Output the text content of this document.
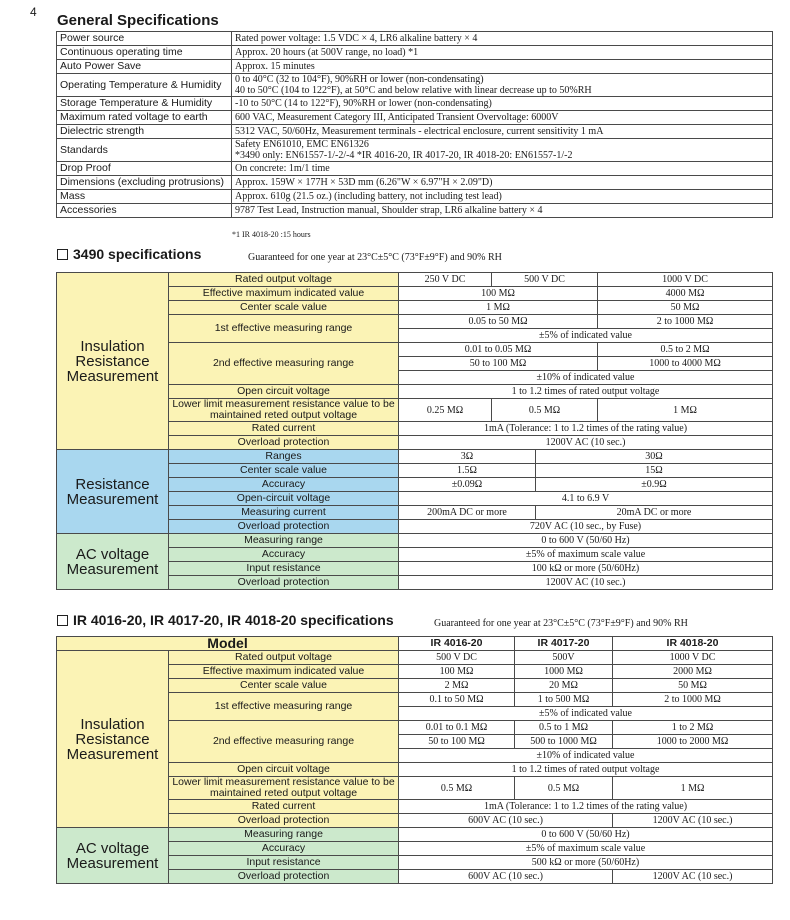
4 General Specifications
Power source	Rated power voltage: 1.5 VDC × 4, LR6 alkaline battery × 4
Continuous operating time	Approx. 20 hours (at 500V range, no load) *1
Auto Power Save	Approx. 15 minutes
Operating Temperature & Humidity	0 to 40°C (32 to 104°F), 90%RH or lower (non-condensating)
40 to 50°C (104 to 122°F), at 50°C and below relative with linear decrease up to 50%RH

Storage Temperature & Humidity	-10 to 50°C (14 to 122°F), 90%RH or lower (non-condensating)
Maximum rated voltage to earth	600 VAC, Measurement Category III, Anticipated Transient Overvoltage: 6000V
Dielectric strength	5312 VAC, 50/60Hz, Measurement terminals - electrical enclosure, current sensitivity 1 mA
Standards	Safety EN61010, EMC EN61326
*3490 only: EN61557-1/-2/-4 *IR 4016-20, IR 4017-20, IR 4018-20: EN61557-1/-2

Drop Proof	On concrete: 1m/1 time
Dimensions (excluding protrusions)	Approx. 159W × 177H × 53D mm (6.26"W × 6.97"H × 2.09"D)
Mass	Approx. 610g (21.5 oz.) (including battery, not including test lead)
Accessories	9787 Test Lead, Instruction manual, Shoulder strap, LR6 alkaline battery × 4
*1 IR 4018-20 :15 hours
3490 specifications	Guaranteed for one year at 23°C±5°C (73°F±9°F) and 90% RH
Insulation Resistance Measurement	Rated output voltage	250 V DC	500 V DC		1000 V DC
	Effective maximum indicated value	100 MΩ			4000 MΩ
	Center scale value	1 MΩ			50 MΩ
	1st effective measuring range	0.05 to 50 MΩ			2 to 1000 MΩ
		±5% of indicated value			
	2nd effective measuring range	0.01 to 0.05 MΩ			0.5 to 2 MΩ
		50 to 100 MΩ			1000 to 4000 MΩ
		±10% of indicated value			
	Open circuit voltage	1 to 1.2 times of rated output voltage			
	Lower limit measurement resistance value to be maintained reted output voltage	0.25 MΩ	0.5 MΩ		1 MΩ

	Rated current	1mA (Tolerance: 1 to 1.2 times of the rating value)			
	Overload protection	1200V AC (10 sec.)			
Resistance Measurement	Ranges	3Ω		30Ω	
	Center scale value	1.5Ω		15Ω	
	Accuracy	±0.09Ω		±0.9Ω	
	Open-circuit voltage	4.1 to 6.9 V			
	Measuring current	200mA DC or more		20mA DC or more	
	Overload protection	720V AC (10 sec., by Fuse)			
AC voltage Measurement	Measuring range	0 to 600 V (50/60 Hz)			
	Accuracy	±5% of maximum scale value			
	Input resistance	100 kΩ or more (50/60Hz)			
	Overload protection	1200V AC (10 sec.)			
IR 4016-20, IR 4017-20, IR 4018-20 specifications	Guaranteed for one year at 23°C±5°C (73°F±9°F) and 90% RH
Model		IR 4016-20	IR 4017-20	IR 4018-20
Insulation Resistance Measurement	Rated output voltage	500 V DC	500V	1000 V DC
	Effective maximum indicated value	100 MΩ	1000 MΩ	2000 MΩ
	Center scale value	2 MΩ	20 MΩ	50 MΩ
	1st effective measuring range	0.1 to 50 MΩ	1 to 500 MΩ	2 to 1000 MΩ
		±5% of indicated value		
	2nd effective measuring range	0.01 to 0.1 MΩ	0.5 to 1 MΩ	1 to 2 MΩ
		50 to 100 MΩ	500 to 1000 MΩ	1000 to 2000 MΩ
		±10% of indicated value		
	Open circuit voltage	1 to 1.2 times of rated output voltage		
	Lower limit measurement resistance value to be maintained reted output voltage	0.5 MΩ	0.5 MΩ	1 MΩ

	Rated current	1mA (Tolerance: 1 to 1.2 times of the rating value)		
	Overload protection	600V AC (10 sec.)		1200V AC (10 sec.)
AC voltage Measurement	Measuring range	0 to 600 V (50/60 Hz)		
	Accuracy	±5% of maximum scale value		
	Input resistance	500 kΩ or more (50/60Hz)		
	Overload protection	600V AC (10 sec.)		1200V AC (10 sec.)
